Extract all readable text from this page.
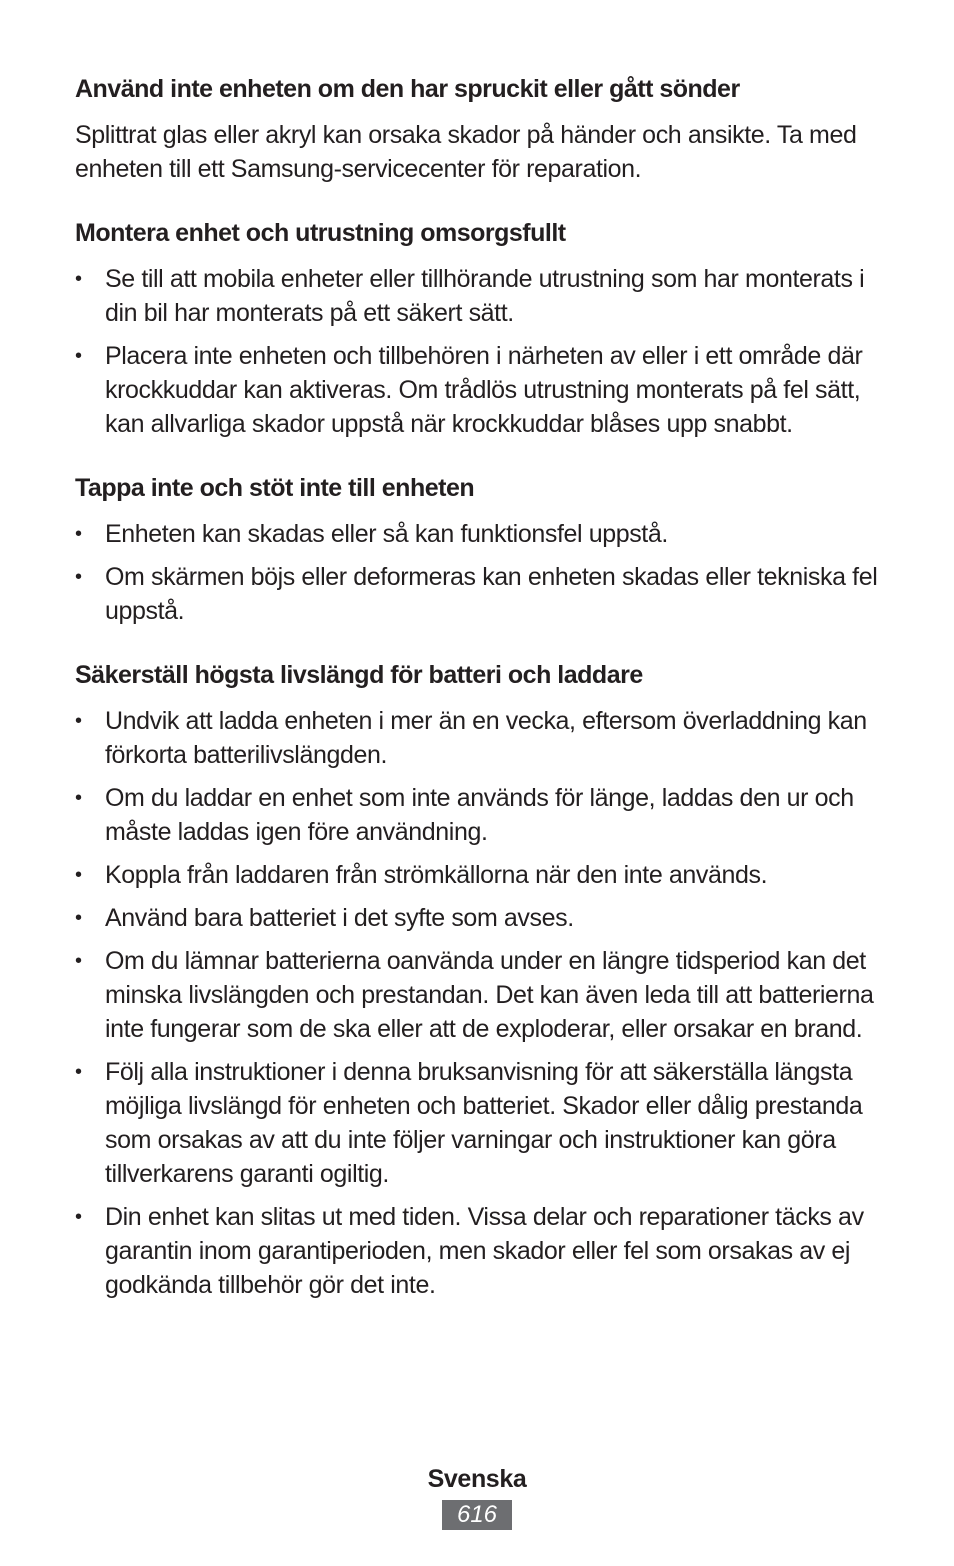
Använd inte enheten om den har spruckit eller gått sönder

Splittrat glas eller akryl kan orsaka skador på händer och ansikte. Ta med enheten till ett Samsung-servicecenter för reparation.

Montera enhet och utrustning omsorgsfullt
• Se till att mobila enheter eller tillhörande utrustning som har monterats i din bil har monterats på ett säkert sätt.
• Placera inte enheten och tillbehören i närheten av eller i ett område där krockkuddar kan aktiveras. Om trådlös utrustning monterats på fel sätt, kan allvarliga skador uppstå när krockkuddar blåses upp snabbt.
Tappa inte och stöt inte till enheten
• Enheten kan skadas eller så kan funktionsfel uppstå.
• Om skärmen böjs eller deformeras kan enheten skadas eller tekniska fel uppstå.
Säkerställ högsta livslängd för batteri och laddare
• Undvik att ladda enheten i mer än en vecka, eftersom överladdning kan förkorta batterilivslängden.
• Om du laddar en enhet som inte används för länge, laddas den ur och måste laddas igen före användning.
• Koppla från laddaren från strömkällorna när den inte används.
• Använd bara batteriet i det syfte som avses.
• Om du lämnar batterierna oanvända under en längre tidsperiod kan det minska livslängden och prestandan. Det kan även leda till att batterierna inte fungerar som de ska eller att de exploderar, eller orsakar en brand.
• Följ alla instruktioner i denna bruksanvisning för att säkerställa längsta möjliga livslängd för enheten och batteriet. Skador eller dålig prestanda som orsakas av att du inte följer varningar och instruktioner kan göra tillverkarens garanti ogiltig.
• Din enhet kan slitas ut med tiden. Vissa delar och reparationer täcks av garantin inom garantiperioden, men skador eller fel som orsakas av ej godkända tillbehör gör det inte.
Svenska
616
